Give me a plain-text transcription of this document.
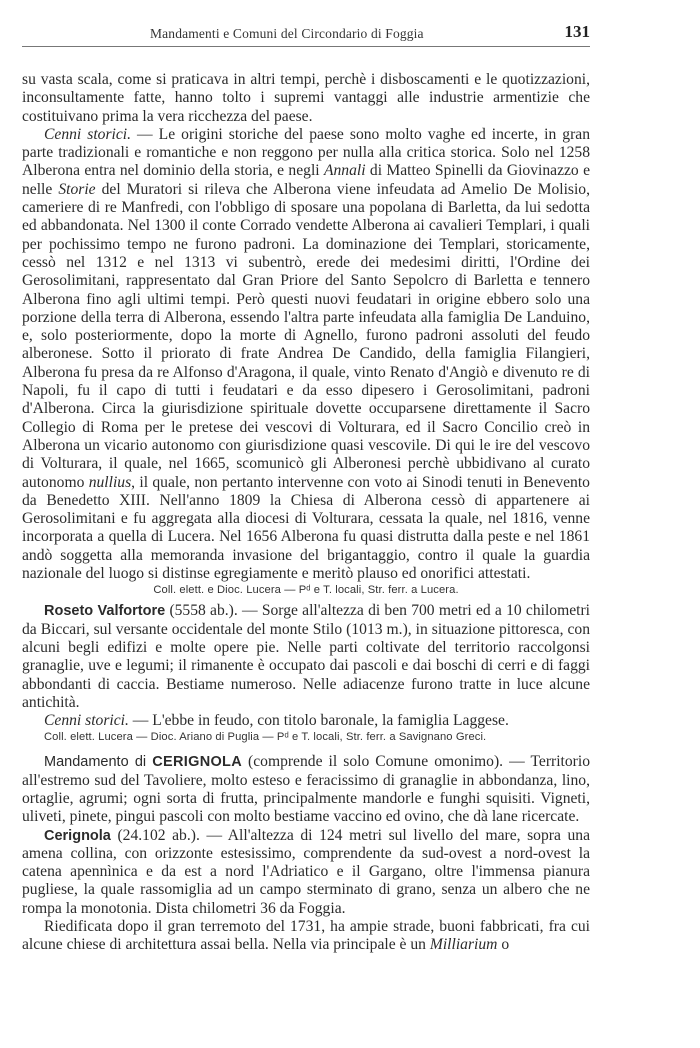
Mandamenti e Comuni del Circondario di Foggia	131

su vasta scala, come si praticava in altri tempi, perchè i disboscamenti e le quotizzazioni, inconsultamente fatte, hanno tolto i supremi vantaggi alle industrie armentizie che costituivano prima la vera ricchezza del paese.

Cenni storici. — Le origini storiche del paese sono molto vaghe ed incerte, in gran parte tradizionali e romantiche e non reggono per nulla alla critica storica. Solo nel 1258 Alberona entra nel dominio della storia, e negli Annali di Matteo Spinelli da Giovinazzo e nelle Storie del Muratori si rileva che Alberona viene infeudata ad Amelio De Molisio, cameriere di re Manfredi, con l'obbligo di sposare una popolana di Barletta, da lui sedotta ed abbandonata. Nel 1300 il conte Corrado vendette Alberona ai cavalieri Templari, i quali per pochissimo tempo ne furono padroni. La dominazione dei Templari, storicamente, cessò nel 1312 e nel 1313 vi subentrò, erede dei medesimi diritti, l'Ordine dei Gerosolimitani, rappresentato dal Gran Priore del Santo Sepolcro di Barletta e tennero Alberona fino agli ultimi tempi. Però questi nuovi feudatari in origine ebbero solo una porzione della terra di Alberona, essendo l'altra parte infeudata alla famiglia De Landuino, e, solo posteriormente, dopo la morte di Agnello, furono padroni assoluti del feudo alberonese. Sotto il priorato di frate Andrea De Candido, della famiglia Filangieri, Alberona fu presa da re Alfonso d'Aragona, il quale, vinto Renato d'Angiò e divenuto re di Napoli, fu il capo di tutti i feudatari e da esso dipesero i Gerosolimitani, padroni d'Alberona. Circa la giurisdizione spirituale dovette occuparsene direttamente il Sacro Collegio di Roma per le pretese dei vescovi di Volturara, ed il Sacro Concilio creò in Alberona un vicario autonomo con giurisdizione quasi vescovile. Di qui le ire del vescovo di Volturara, il quale, nel 1665, scomunicò gli Alberonesi perchè ubbidivano al curato autonomo nullius, il quale, non pertanto intervenne con voto ai Sinodi tenuti in Benevento da Benedetto XIII. Nell'anno 1809 la Chiesa di Alberona cessò di appartenere ai Gerosolimitani e fu aggregata alla diocesi di Volturara, cessata la quale, nel 1816, venne incorporata a quella di Lucera. Nel 1656 Alberona fu quasi distrutta dalla peste e nel 1861 andò soggetta alla memoranda invasione del brigantaggio, contro il quale la guardia nazionale del luogo si distinse egregiamente e meritò plauso ed onorifici attestati.

Coll. elett. e Dioc. Lucera — Pᵈ e T. locali, Str. ferr. a Lucera.

Roseto Valfortore (5558 ab.). — Sorge all'altezza di ben 700 metri ed a 10 chilometri da Biccari, sul versante occidentale del monte Stilo (1013 m.), in situazione pittoresca, con alcuni begli edifizi e molte opere pie. Nelle parti coltivate del territorio raccolgonsi granaglie, uve e legumi; il rimanente è occupato dai pascoli e dai boschi di cerri e di faggi abbondanti di caccia. Bestiame numeroso. Nelle adiacenze furono tratte in luce alcune antichità.

Cenni storici. — L'ebbe in feudo, con titolo baronale, la famiglia Laggese.

Coll. elett. Lucera — Dioc. Ariano di Puglia — Pᵈ e T. locali, Str. ferr. a Savignano Greci.

Mandamento di CERIGNOLA (comprende il solo Comune omonimo). — Territorio all'estremo sud del Tavoliere, molto esteso e feracissimo di granaglie in abbondanza, lino, ortaglie, agrumi; ogni sorta di frutta, principalmente mandorle e funghi squisiti. Vigneti, uliveti, pinete, pingui pascoli con molto bestiame vaccino ed ovino, che dà lane ricercate.

Cerignola (24.102 ab.). — All'altezza di 124 metri sul livello del mare, sopra una amena collina, con orizzonte estesissimo, comprendente da sud-ovest a nord-ovest la catena apennìnica e da est a nord l'Adriatico e il Gargano, oltre l'immensa pianura pugliese, la quale rassomiglia ad un campo sterminato di grano, senza un albero che ne rompa la monotonia. Dista chilometri 36 da Foggia.

Riedificata dopo il gran terremoto del 1731, ha ampie strade, buoni fabbricati, fra cui alcune chiese di architettura assai bella. Nella via principale è un Milliarium o
